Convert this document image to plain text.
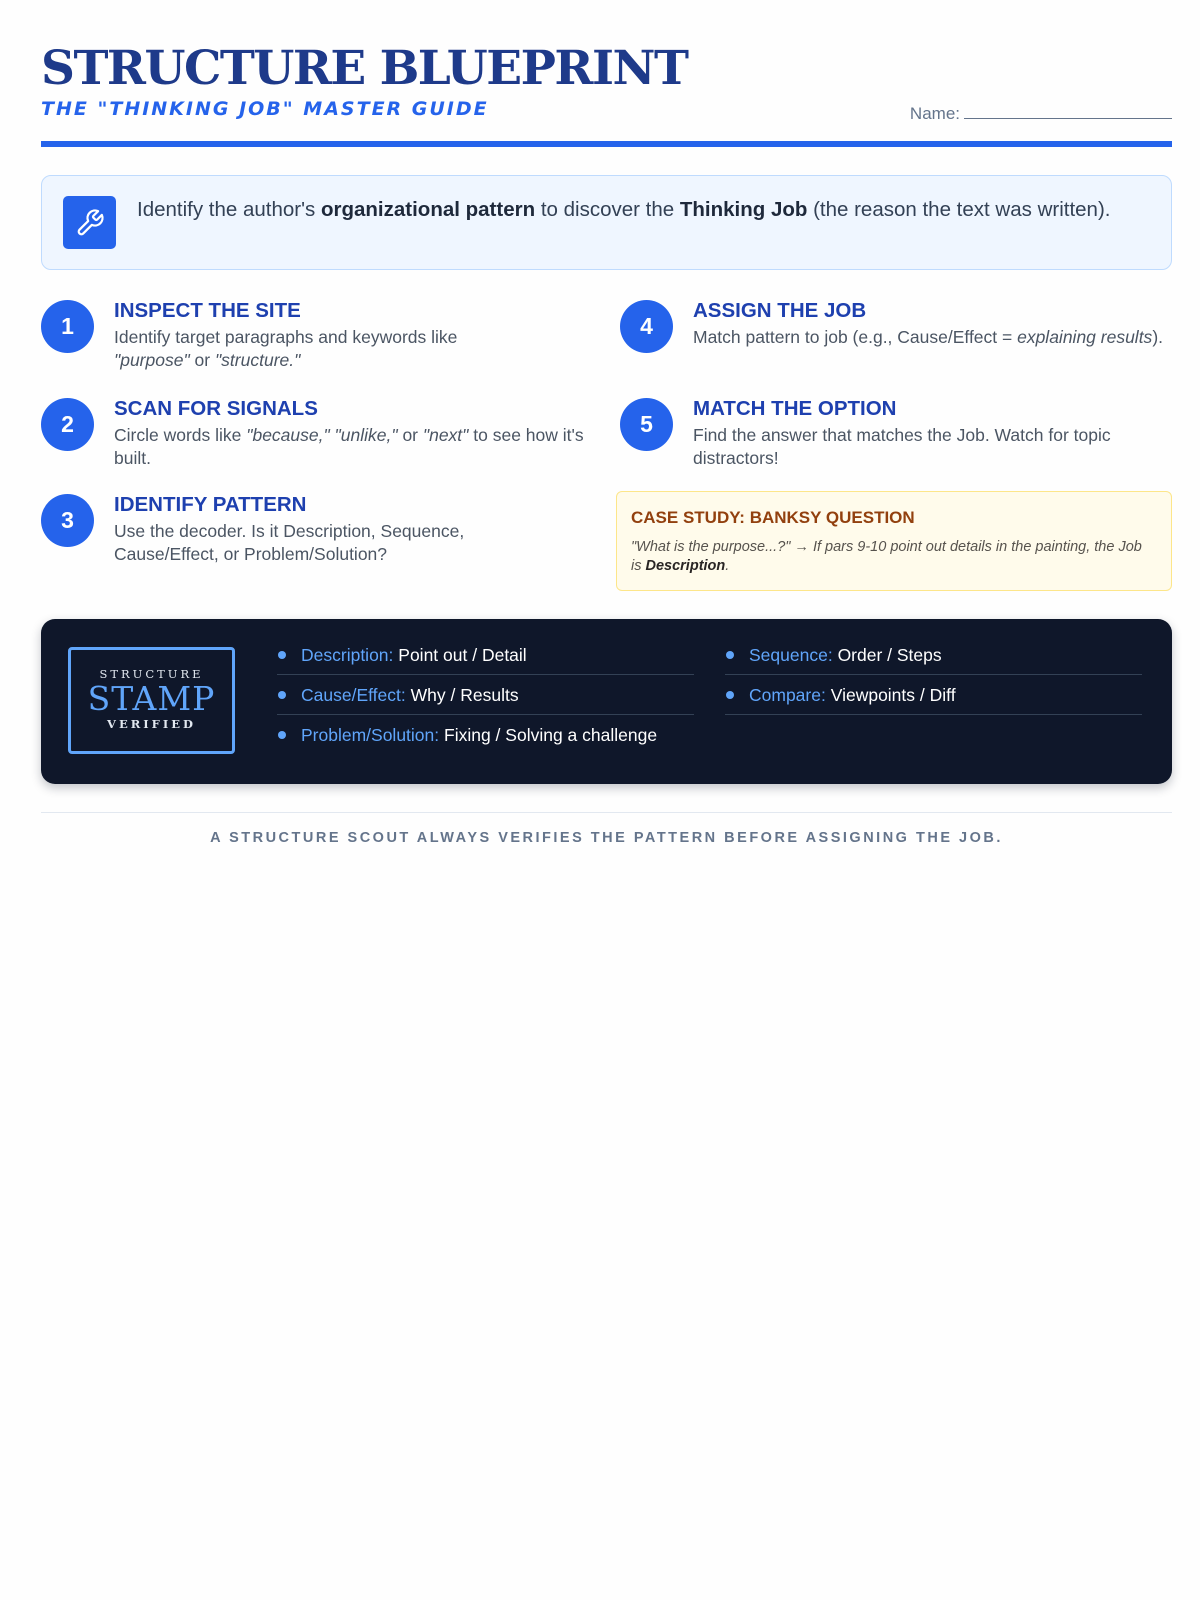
STRUCTURE BLUEPRINT
THE "THINKING JOB" MASTER GUIDE	Name:
Identify the author's organizational pattern to discover the Thinking Job (the reason the text was written).
1
INSPECT THE SITE
Identify target paragraphs and keywords like "purpose" or "structure."
2
SCAN FOR SIGNALS
Circle words like "because," "unlike," or "next" to see how it's built.
3
IDENTIFY PATTERN
Use the decoder. Is it Description, Sequence, Cause/Effect, or Problem/Solution?
4
ASSIGN THE JOB
Match pattern to job (e.g., Cause/Effect = explaining results).
5
MATCH THE OPTION
Find the answer that matches the Job. Watch for topic distractors!
CASE STUDY: BANKSY QUESTION
"What is the purpose...?" → If pars 9-10 point out details in the painting, the Job is Description.
STRUCTURE
STAMP
VERIFIED
Description: Point out / Detail
Cause/Effect: Why / Results
Problem/Solution: Fixing / Solving a challenge
Sequence: Order / Steps
Compare: Viewpoints / Diff
A STRUCTURE SCOUT ALWAYS VERIFIES THE PATTERN BEFORE ASSIGNING THE JOB.
